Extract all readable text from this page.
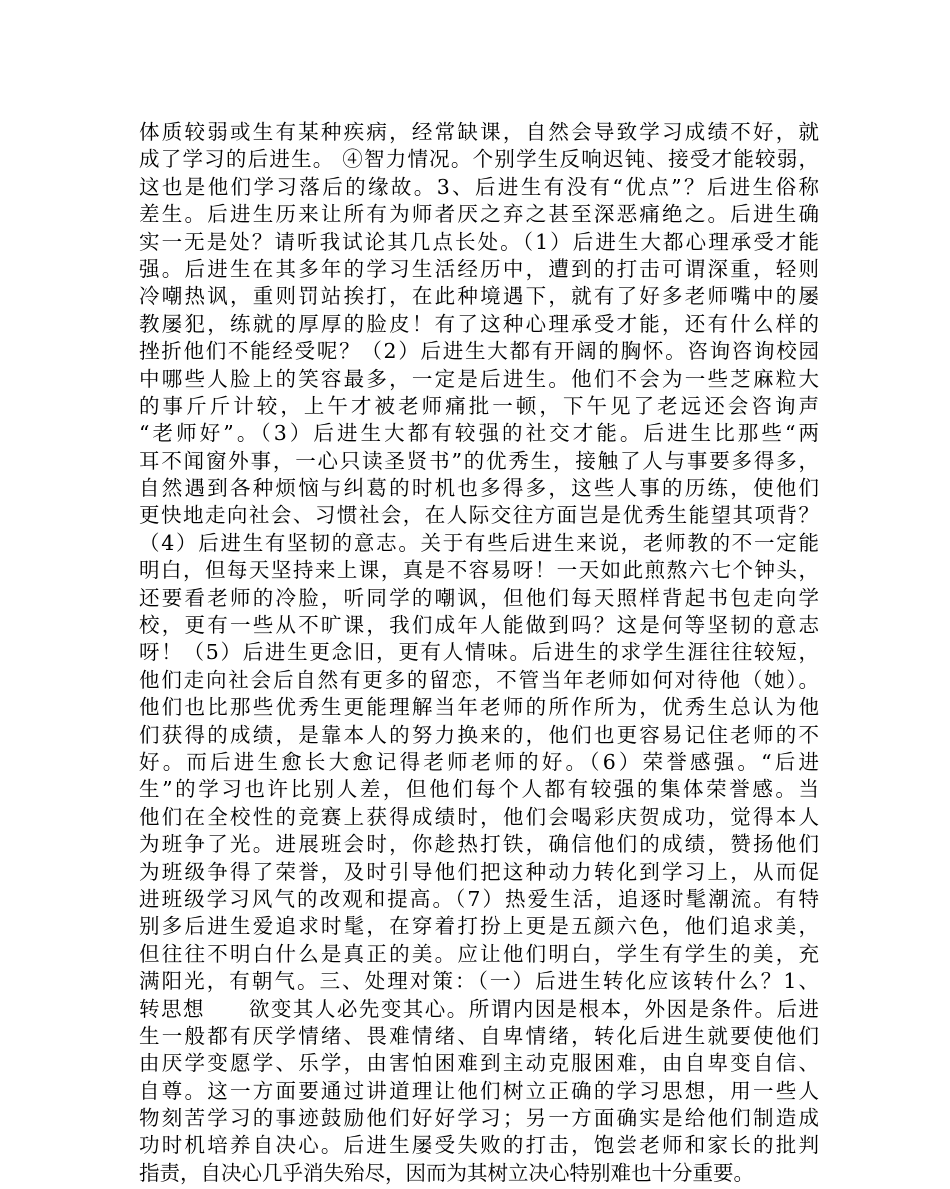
体质较弱或生有某种疾病，经常缺课，自然会导致学习成绩不好，就
成了学习的后进生。 ④智力情况。个别学生反响迟钝、接受才能较弱，
这也是他们学习落后的缘故。3、后进生有没有“优点”？后进生俗称
差生。后进生历来让所有为师者厌之弃之甚至深恶痛绝之。后进生确
实一无是处？请听我试论其几点长处。（1）后进生大都心理承受才能
强。后进生在其多年的学习生活经历中，遭到的打击可谓深重，轻则
冷嘲热讽，重则罚站挨打，在此种境遇下，就有了好多老师嘴中的屡
教屡犯，练就的厚厚的脸皮！有了这种心理承受才能，还有什么样的
挫折他们不能经受呢？（2）后进生大都有开阔的胸怀。咨询咨询校园
中哪些人脸上的笑容最多，一定是后进生。他们不会为一些芝麻粒大
的事斤斤计较，上午才被老师痛批一顿，下午见了老远还会咨询声
“老师好”。（3）后进生大都有较强的社交才能。后进生比那些“两
耳不闻窗外事，一心只读圣贤书”的优秀生，接触了人与事要多得多，
自然遇到各种烦恼与纠葛的时机也多得多，这些人事的历练，使他们
更快地走向社会、习惯社会，在人际交往方面岂是优秀生能望其项背？
（4）后进生有坚韧的意志。关于有些后进生来说，老师教的不一定能
明白，但每天坚持来上课，真是不容易呀！一天如此煎熬六七个钟头，
还要看老师的冷脸，听同学的嘲讽，但他们每天照样背起书包走向学
校，更有一些从不旷课，我们成年人能做到吗？这是何等坚韧的意志
呀！（5）后进生更念旧，更有人情味。后进生的求学生涯往往较短，
他们走向社会后自然有更多的留恋，不管当年老师如何对待他（她）。
他们也比那些优秀生更能理解当年老师的所作所为，优秀生总认为他
们获得的成绩，是靠本人的努力换来的，他们也更容易记住老师的不
好。而后进生愈长大愈记得老师老师的好。（6）荣誉感强。“后进
生”的学习也许比别人差，但他们每个人都有较强的集体荣誉感。当
他们在全校性的竞赛上获得成绩时，他们会喝彩庆贺成功，觉得本人
为班争了光。进展班会时，你趁热打铁，确信他们的成绩，赞扬他们
为班级争得了荣誉，及时引导他们把这种动力转化到学习上，从而促
进班级学习风气的改观和提高。（7）热爱生活，追逐时髦潮流。有特
别多后进生爱追求时髦，在穿着打扮上更是五颜六色，他们追求美，
但往往不明白什么是真正的美。应让他们明白，学生有学生的美，充
满阳光，有朝气。三、处理对策：（一）后进生转化应该转什么？1、
转思想　　欲变其人必先变其心。所谓内因是根本，外因是条件。后进
生一般都有厌学情绪、畏难情绪、自卑情绪，转化后进生就要使他们
由厌学变愿学、乐学，由害怕困难到主动克服困难，由自卑变自信、
自尊。这一方面要通过讲道理让他们树立正确的学习思想，用一些人
物刻苦学习的事迹鼓励他们好好学习；另一方面确实是给他们制造成
功时机培养自决心。后进生屡受失败的打击，饱尝老师和家长的批判
指责，自决心几乎消失殆尽，因而为其树立决心特别难也十分重要。
